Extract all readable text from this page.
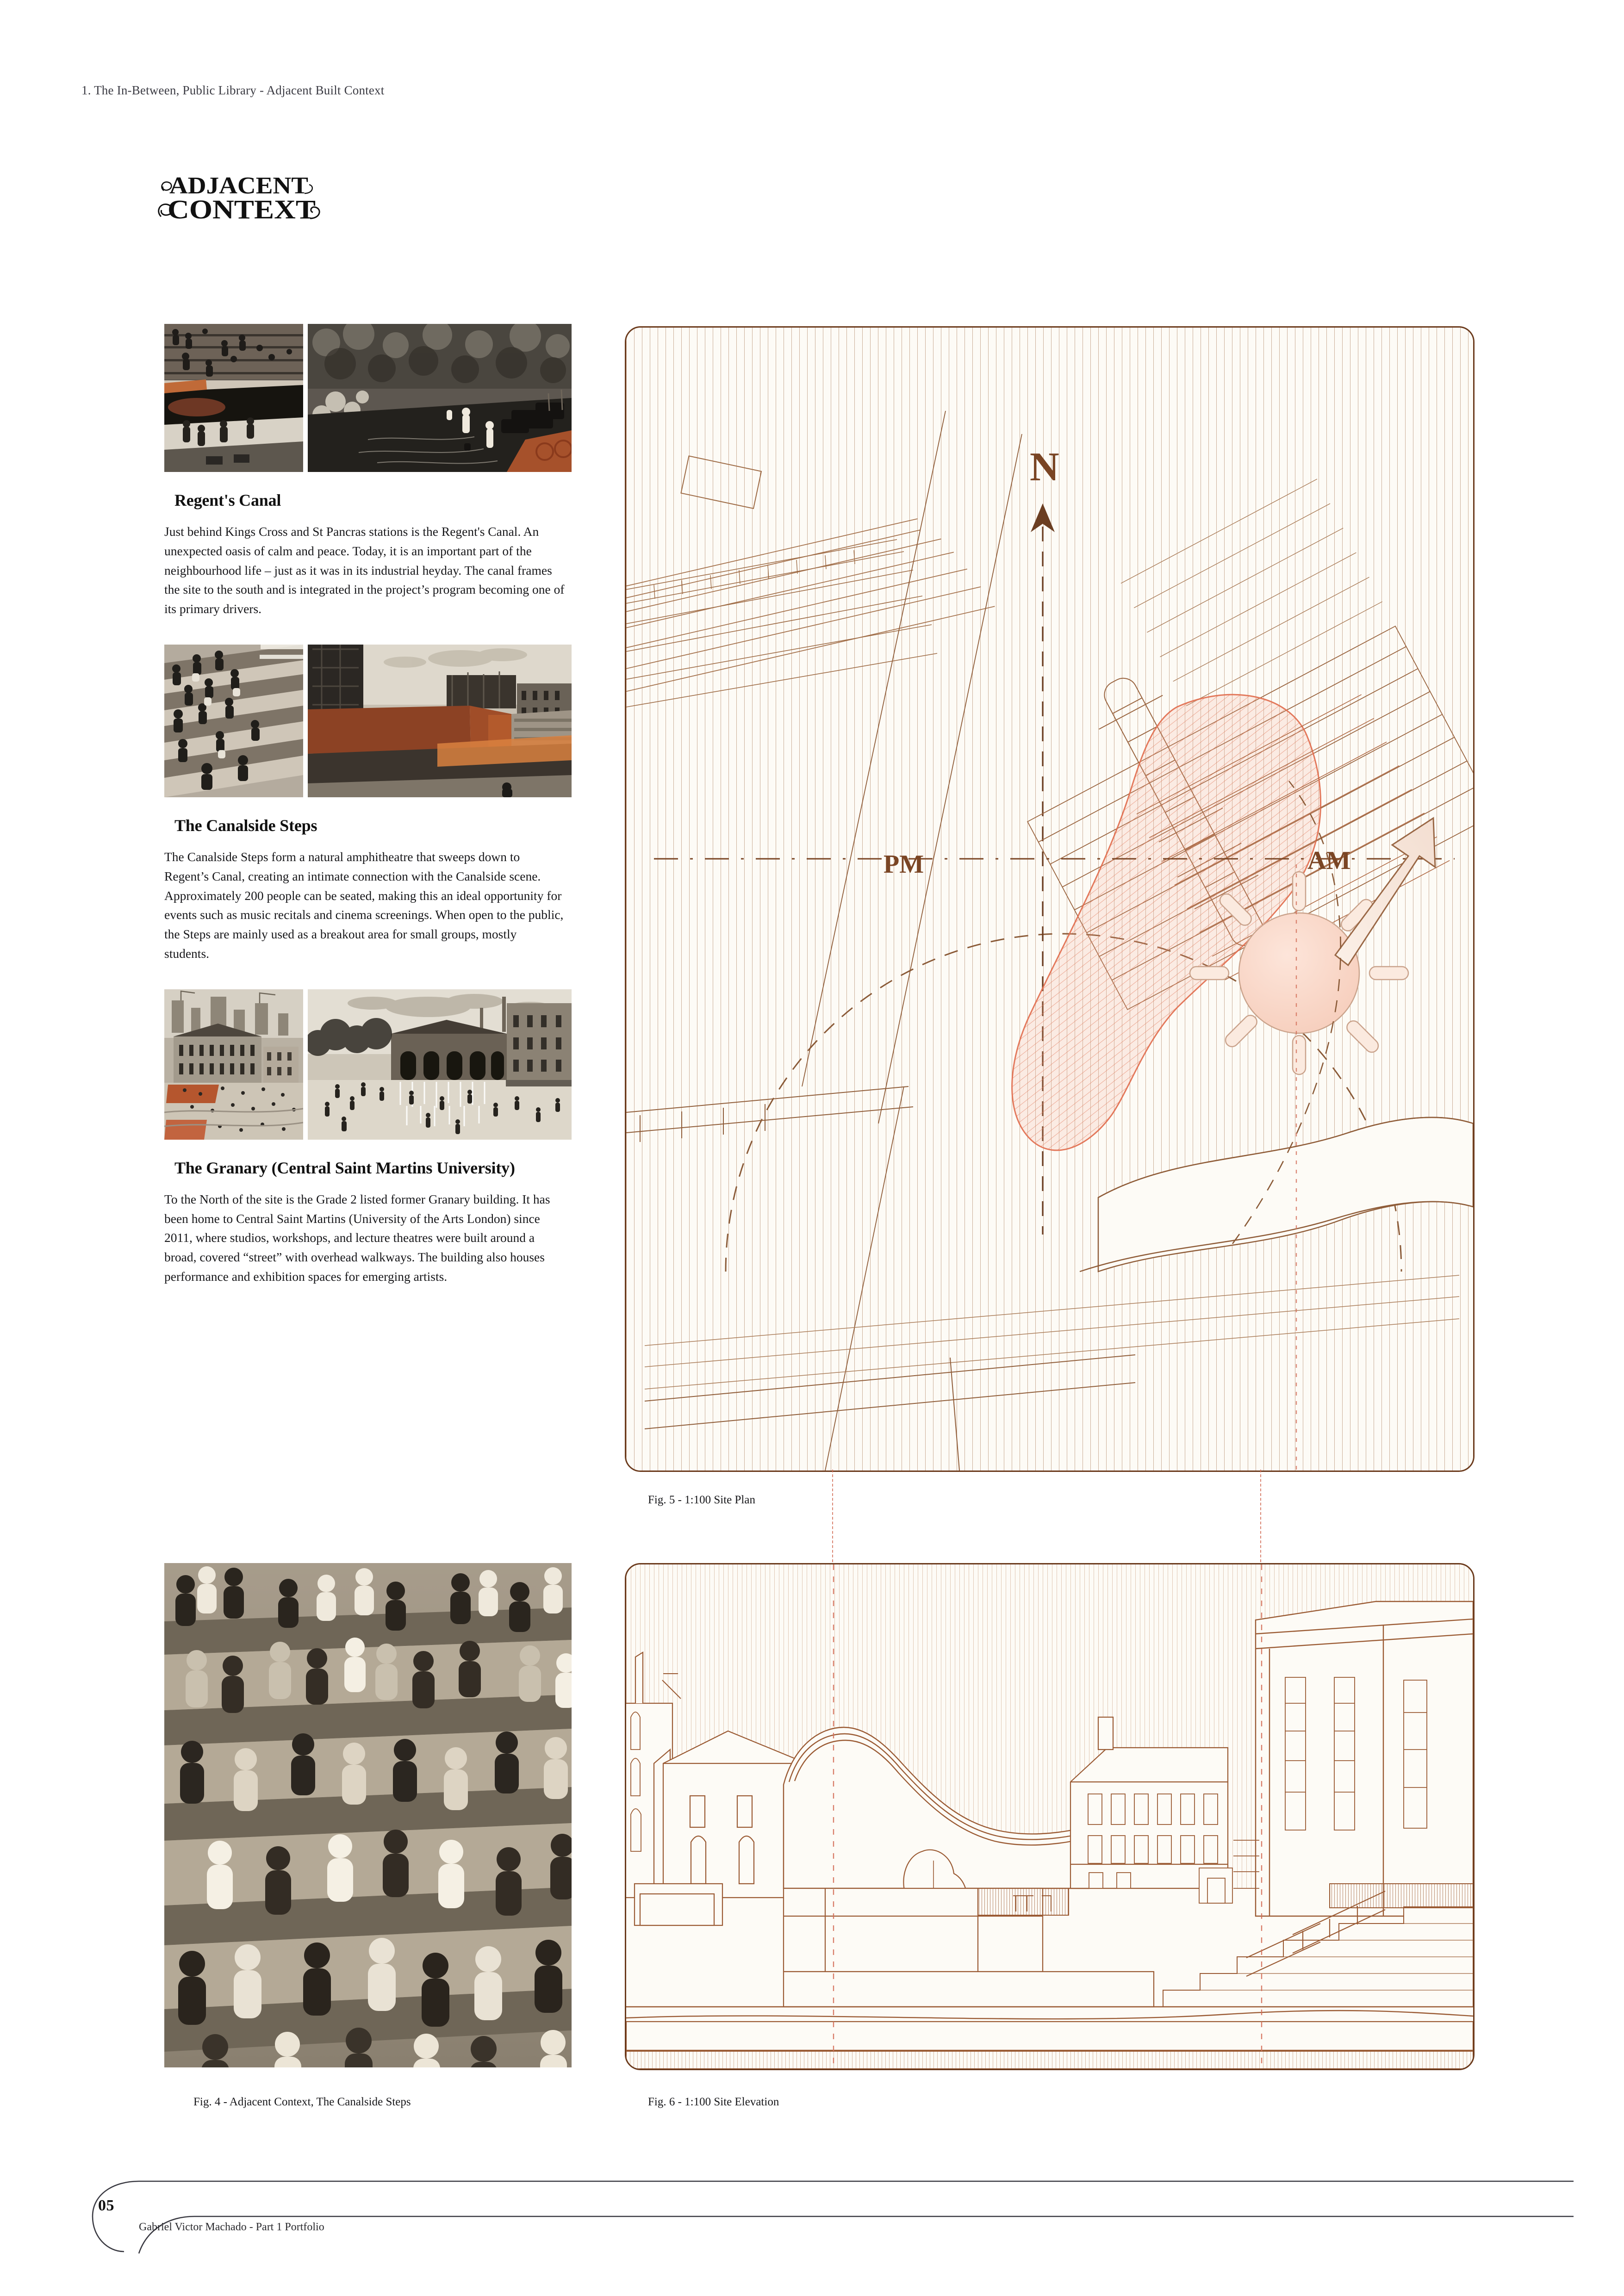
1. The In-Between, Public Library - Adjacent Built Context
ADJACENT
CONTEXT
Regent's Canal
Just behind Kings Cross and St Pancras stations is the Regent's Canal. An unexpected oasis of calm and peace. Today, it is an important part of the neighbourhood life – just as it was in its industrial heyday. The canal frames the site to the south and is integrated in the project’s program becoming one of its primary drivers.
The Canalside Steps
The Canalside Steps form a natural amphitheatre that sweeps down to Regent’s Canal, creating an intimate connection with the Canalside scene. Approximately 200 people can be seated, making this an ideal opportunity for events such as music recitals and cinema screenings. When open to the public, the Steps are mainly used as a breakout area for small groups, mostly students.
The Granary (Central Saint Martins University)
To the North of the site is the Grade 2 listed former Granary building. It has been home to Central Saint Martins (University of the Arts London) since 2011, where studios, workshops, and lecture theatres were built around a broad, covered “street” with overhead walkways. The building also houses performance and exhibition spaces for emerging artists.
PM	AM
N
Fig. 5 - 1:100 Site Plan
Fig. 4 - Adjacent Context, The Canalside Steps	Fig. 6 - 1:100 Site Elevation
05
Gabriel Victor Machado - Part 1 Portfolio
